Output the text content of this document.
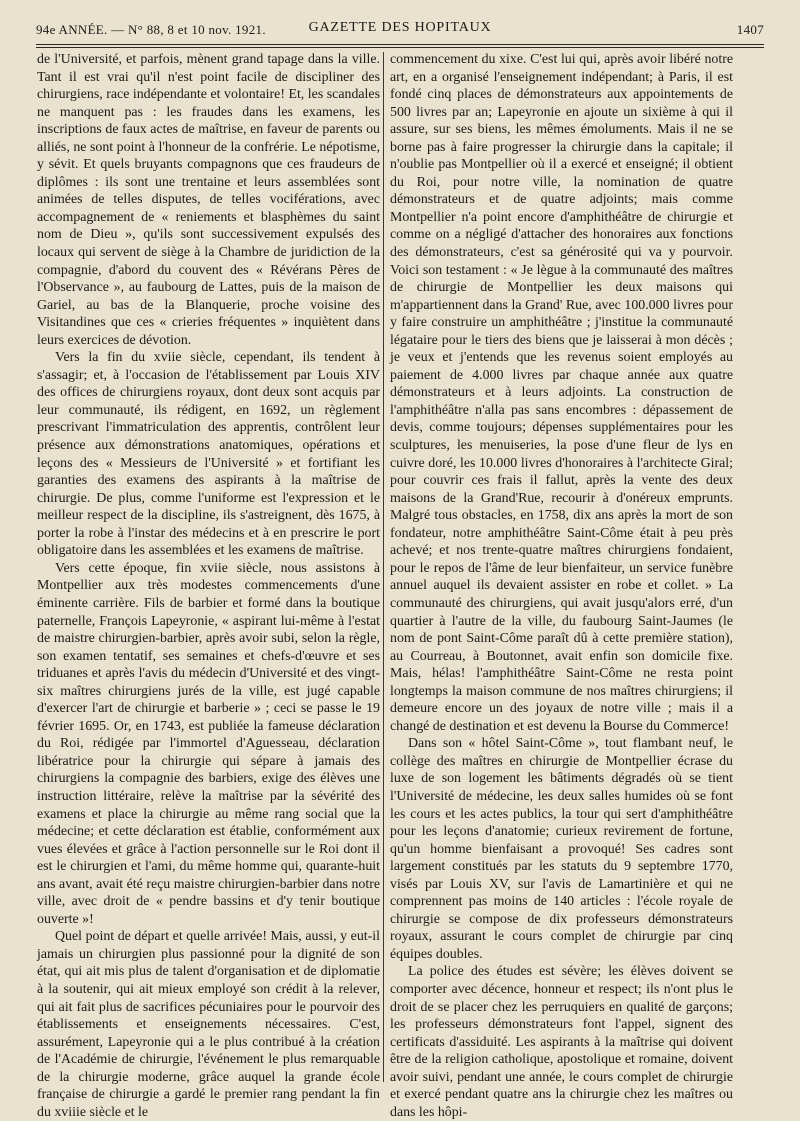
94e ANNÉE. — N° 88, 8 et 10 nov. 1921.	GAZETTE DES HOPITAUX	1407

de l'Université, et parfois, mènent grand tapage dans la ville. Tant il est vrai qu'il n'est point facile de discipliner des chirurgiens, race indépendante et volontaire! Et, les scandales ne manquent pas : les fraudes dans les examens, les inscriptions de faux actes de maîtrise, en faveur de parents ou alliés, ne sont point à l'honneur de la confrérie. Le népotisme, y sévit. Et quels bruyants compagnons que ces fraudeurs de diplômes : ils sont une trentaine et leurs assemblées sont animées de telles disputes, de telles vociférations, avec accompagnement de « reniements et blasphèmes du saint nom de Dieu », qu'ils sont successivement expulsés des locaux qui servent de siège à la Chambre de juridiction de la compagnie, d'abord du couvent des « Révérans Pères de l'Observance », au faubourg de Lattes, puis de la maison de Gariel, au bas de la Blanquerie, proche voisine des Visitandines que ces « crieries fréquentes » inquiètent dans leurs exercices de dévotion.

Vers la fin du xviie siècle, cependant, ils tendent à s'assagir; et, à l'occasion de l'établissement par Louis XIV des offices de chirurgiens royaux, dont deux sont acquis par leur communauté, ils rédigent, en 1692, un règlement prescrivant l'immatriculation des apprentis, contrôlent leur présence aux démonstrations anatomiques, opérations et leçons des « Messieurs de l'Université » et fortifiant les garanties des examens des aspirants à la maîtrise de chirurgie. De plus, comme l'uniforme est l'expression et le meilleur respect de la discipline, ils s'astreignent, dès 1675, à porter la robe à l'instar des médecins et à en prescrire le port obligatoire dans les assemblées et les examens de maîtrise.

Vers cette époque, fin xviie siècle, nous assistons à Montpellier aux très modestes commencements d'une éminente carrière. Fils de barbier et formé dans la boutique paternelle, François Lapeyronie, « aspirant lui-même à l'estat de maistre chirurgien-barbier, après avoir subi, selon la règle, son examen tentatif, ses semaines et chefs-d'œuvre et ses triduanes et après l'avis du médecin d'Université et des vingt-six maîtres chirurgiens jurés de la ville, est jugé capable d'exercer l'art de chirurgie et barberie » ; ceci se passe le 19 février 1695. Or, en 1743, est publiée la fameuse déclaration du Roi, rédigée par l'immortel d'Aguesseau, déclaration libératrice pour la chirurgie qui sépare à jamais des chirurgiens la compagnie des barbiers, exige des élèves une instruction littéraire, relève la maîtrise par la sévérité des examens et place la chirurgie au même rang social que la médecine; et cette déclaration est établie, conformément aux vues élevées et grâce à l'action personnelle sur le Roi dont il est le chirurgien et l'ami, du même homme qui, quarante-huit ans avant, avait été reçu maistre chirurgien-barbier dans notre ville, avec droit de « pendre bassins et d'y tenir boutique ouverte »!

Quel point de départ et quelle arrivée! Mais, aussi, y eut-il jamais un chirurgien plus passionné pour la dignité de son état, qui ait mis plus de talent d'organisation et de diplomatie à la soutenir, qui ait mieux employé son crédit à la relever, qui ait fait plus de sacrifices pécuniaires pour le pourvoir des établissements et enseignements nécessaires. C'est, assurément, Lapeyronie qui a le plus contribué à la création de l'Académie de chirurgie, l'événement le plus remarquable de la chirurgie moderne, grâce auquel la grande école française de chirurgie a gardé le premier rang pendant la fin du xviiie siècle et le

commencement du xixe. C'est lui qui, après avoir libéré notre art, en a organisé l'enseignement indépendant; à Paris, il est fondé cinq places de démonstrateurs aux appointements de 500 livres par an; Lapeyronie en ajoute un sixième à qui il assure, sur ses biens, les mêmes émoluments. Mais il ne se borne pas à faire progresser la chirurgie dans la capitale; il n'oublie pas Montpellier où il a exercé et enseigné; il obtient du Roi, pour notre ville, la nomination de quatre démonstrateurs et de quatre adjoints; mais comme Montpellier n'a point encore d'amphithéâtre de chirurgie et comme on a négligé d'attacher des honoraires aux fonctions des démonstrateurs, c'est sa générosité qui va y pourvoir. Voici son testament : « Je lègue à la communauté des maîtres de chirurgie de Montpellier les deux maisons qui m'appartiennent dans la Grand' Rue, avec 100.000 livres pour y faire construire un amphithéâtre ; j'institue la communauté légataire pour le tiers des biens que je laisserai à mon décès ; je veux et j'entends que les revenus soient employés au paiement de 4.000 livres par chaque année aux quatre démonstrateurs et à leurs adjoints. La construction de l'amphithéâtre n'alla pas sans encombres : dépassement de devis, comme toujours; dépenses supplémentaires pour les sculptures, les menuiseries, la pose d'une fleur de lys en cuivre doré, les 10.000 livres d'honoraires à l'architecte Giral; pour couvrir ces frais il fallut, après la vente des deux maisons de la Grand'Rue, recourir à d'onéreux emprunts. Malgré tous obstacles, en 1758, dix ans après la mort de son fondateur, notre amphithéâtre Saint-Côme était à peu près achevé; et nos trente-quatre maîtres chirurgiens fondaient, pour le repos de l'âme de leur bienfaiteur, un service funèbre annuel auquel ils devaient assister en robe et collet. » La communauté des chirurgiens, qui avait jusqu'alors erré, d'un quartier à l'autre de la ville, du faubourg Saint-Jaumes (le nom de pont Saint-Côme paraît dû à cette première station), au Courreau, à Boutonnet, avait enfin son domicile fixe. Mais, hélas! l'amphithéâtre Saint-Côme ne resta point longtemps la maison commune de nos maîtres chirurgiens; il demeure encore un des joyaux de notre ville ; mais il a changé de destination et est devenu la Bourse du Commerce!

Dans son « hôtel Saint-Côme », tout flambant neuf, le collège des maîtres en chirurgie de Montpellier écrase du luxe de son logement les bâtiments dégradés où se tient l'Université de médecine, les deux salles humides où se font les cours et les actes publics, la tour qui sert d'amphithéâtre pour les leçons d'anatomie; curieux revirement de fortune, qu'un homme bienfaisant a provoqué! Ses cadres sont largement constitués par les statuts du 9 septembre 1770, visés par Louis XV, sur l'avis de Lamartinière et qui ne comprennent pas moins de 140 articles : l'école royale de chirurgie se compose de dix professeurs démonstrateurs royaux, assurant le cours complet de chirurgie par cinq équipes doubles.

La police des études est sévère; les élèves doivent se comporter avec décence, honneur et respect; ils n'ont plus le droit de se placer chez les perruquiers en qualité de garçons; les professeurs démonstrateurs font l'appel, signent des certificats d'assiduité. Les aspirants à la maîtrise qui doivent être de la religion catholique, apostolique et romaine, doivent avoir suivi, pendant une année, le cours complet de chirurgie et exercé pendant quatre ans la chirurgie chez les maîtres ou dans les hôpi-
